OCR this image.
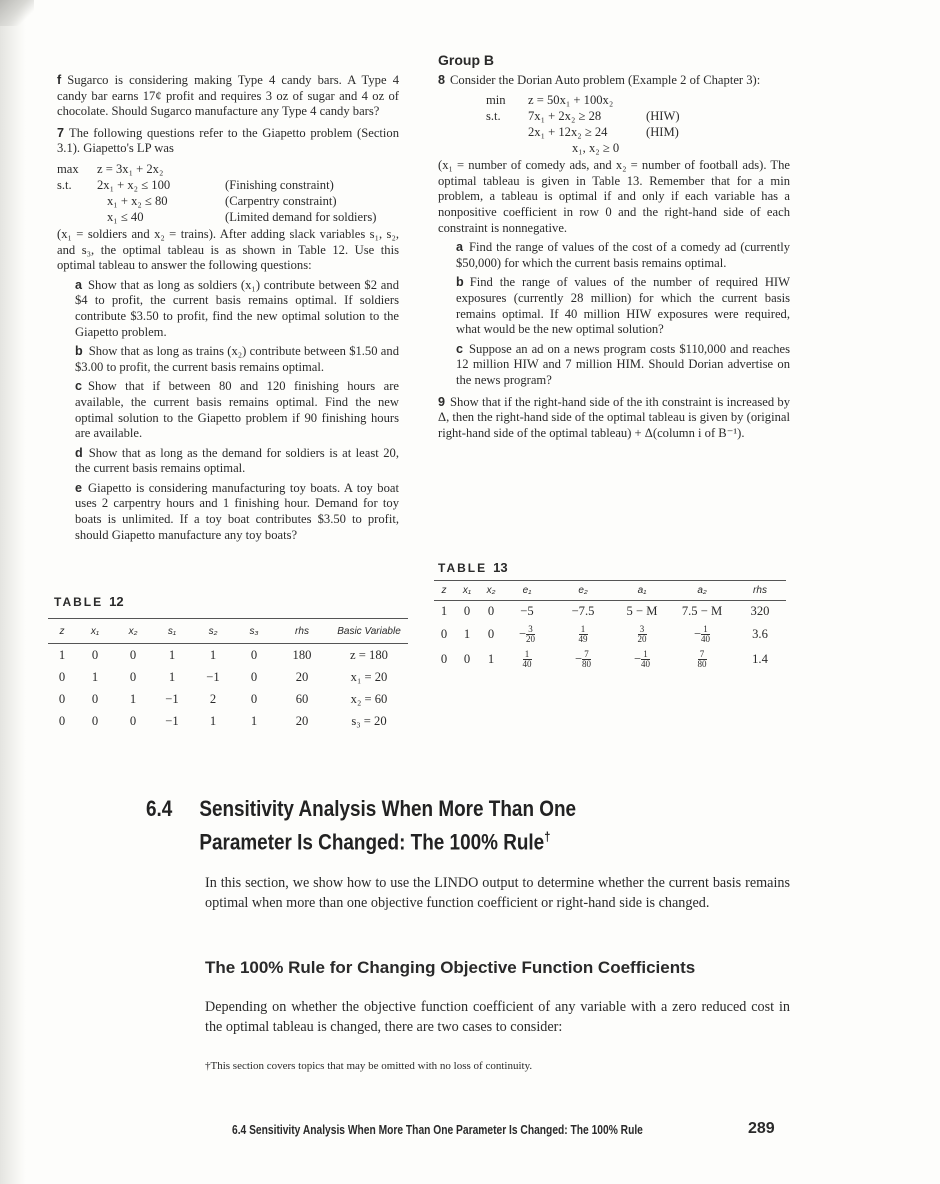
f Sugarco is considering making Type 4 candy bars. A Type 4 candy bar earns 17¢ profit and requires 3 oz of sugar and 4 oz of chocolate. Should Sugarco manufacture any Type 4 candy bars?

7 The following questions refer to the Giapetto problem (Section 3.1). Giapetto's LP was

max	z = 3x₁ + 2x₂
s.t.	2x₁ + x₂ ≤ 100	(Finishing constraint)
x₁ + x₂ ≤ 80	(Carpentry constraint)
x₁ ≤ 40	(Limited demand for soldiers)

(x₁ = soldiers and x₂ = trains). After adding slack variables s₁, s₂, and s₃, the optimal tableau is as shown in Table 12. Use this optimal tableau to answer the following questions:

a Show that as long as soldiers (x₁) contribute between $2 and $4 to profit, the current basis remains optimal. If soldiers contribute $3.50 to profit, find the new optimal solution to the Giapetto problem.

b Show that as long as trains (x₂) contribute between $1.50 and $3.00 to profit, the current basis remains optimal.

c Show that if between 80 and 120 finishing hours are available, the current basis remains optimal. Find the new optimal solution to the Giapetto problem if 90 finishing hours are available.

d Show that as long as the demand for soldiers is at least 20, the current basis remains optimal.

e Giapetto is considering manufacturing toy boats. A toy boat uses 2 carpentry hours and 1 finishing hour. Demand for toy boats is unlimited. If a toy boat contributes $3.50 to profit, should Giapetto manufacture any toy boats?

TABLE 12
z	x₁	x₂	s₁	s₂	s₃	rhs	Basic Variable
1	0	0	1	1	0	180	z = 180
0	1	0	1	−1	0	20	x₁ = 20
0	0	1	−1	2	0	60	x₂ = 60
0	0	0	−1	1	1	20	s₃ = 20
Group B

8 Consider the Dorian Auto problem (Example 2 of Chapter 3):

min	z = 50x₁ + 100x₂
s.t.	7x₁ + 2x₂ ≥ 28	(HIW)
2x₁ + 12x₂ ≥ 24	(HIM)
x₁, x₂ ≥ 0

(x₁ = number of comedy ads, and x₂ = number of football ads). The optimal tableau is given in Table 13. Remember that for a min problem, a tableau is optimal if and only if each variable has a nonpositive coefficient in row 0 and the right-hand side of each constraint is nonnegative.

a Find the range of values of the cost of a comedy ad (currently $50,000) for which the current basis remains optimal.

b Find the range of values of the number of required HIW exposures (currently 28 million) for which the current basis remains optimal. If 40 million HIW exposures were required, what would be the new optimal solution?

c Suppose an ad on a news program costs $110,000 and reaches 12 million HIW and 7 million HIM. Should Dorian advertise on the news program?

9 Show that if the right-hand side of the ith constraint is increased by Δ, then the right-hand side of the optimal tableau is given by (original right-hand side of the optimal tableau) + Δ(column i of B⁻¹).

TABLE 13
z	x₁	x₂	e₁	e₂	a₁	a₂	rhs
1	0	0	−5	−7.5	5 − M	7.5 − M	320
0	1	0	− $\frac{3}{20}$	$\frac{1}{49}$	$\frac{3}{20}$	− $\frac{1}{40}$	3.6
0	0	1	$\frac{1}{40}$	− $\frac{7}{80}$	− $\frac{1}{40}$	$\frac{7}{80}$	1.4
6.4 Sensitivity Analysis When More Than One
Parameter Is Changed: The 100% Rule†
In this section, we show how to use the LINDO output to determine whether the current basis remains optimal when more than one objective function coefficient or right-hand side is changed.
The 100% Rule for Changing Objective Function Coefficients
Depending on whether the objective function coefficient of any variable with a zero reduced cost in the optimal tableau is changed, there are two cases to consider:
†This section covers topics that may be omitted with no loss of continuity.
6.4 Sensitivity Analysis When More Than One Parameter Is Changed: The 100% Rule	289
